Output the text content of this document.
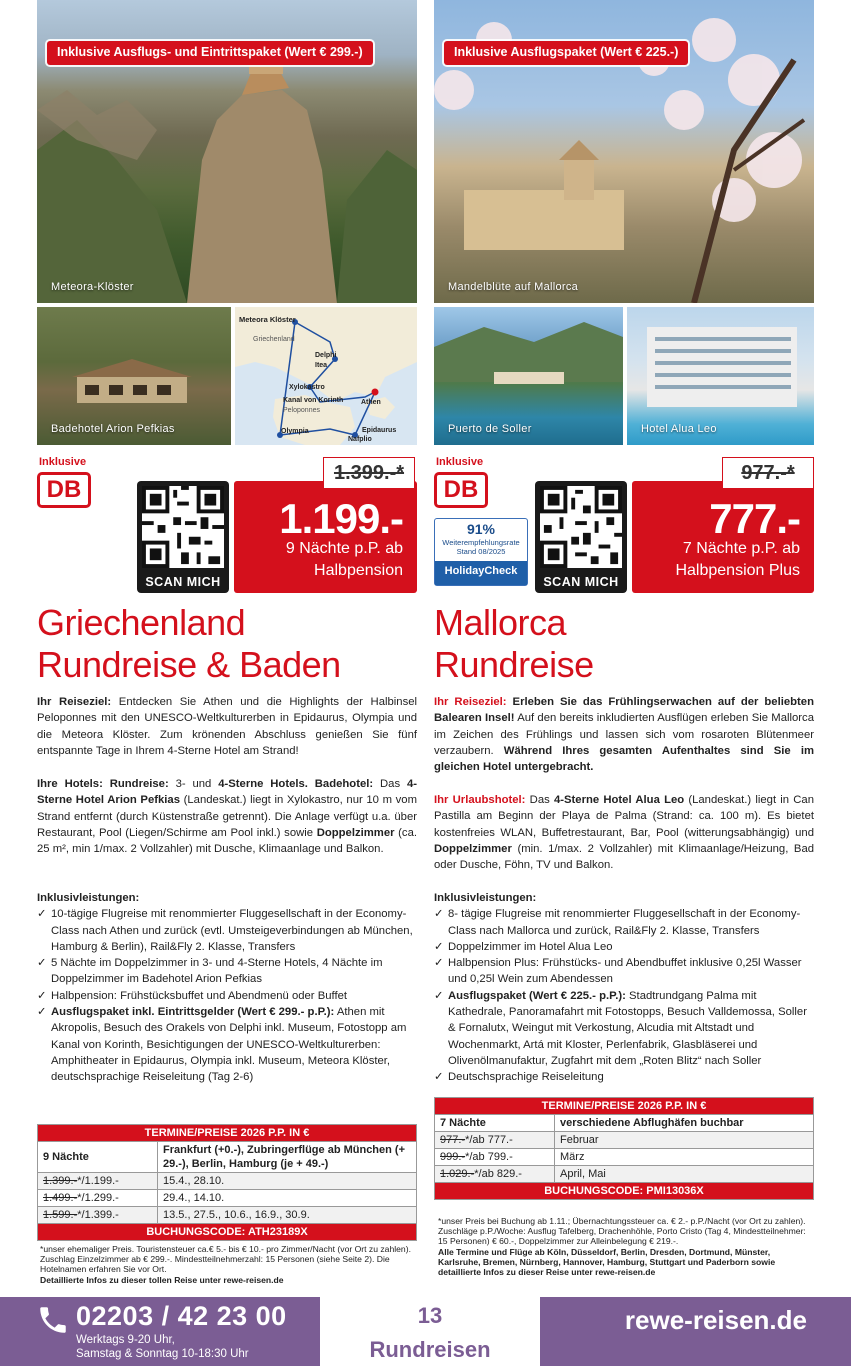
Meteora-Klöster
Inklusive Ausflugs- und Eintrittspaket (Wert € 299.-)
Badehotel Arion Pefkias
Meteora Klöster
Griechenland
Delphi
Itea
Xylokastro
Kanal von Korinth
Peloponnes
Athen
Olympia	Epidaurus
Nafplio
Inklusive
DB
SCAN MICH
1.199.-
9 Nächte p.P. ab
Halbpension
1.399.-*
Griechenland
Rundreise & Baden
Ihr Reiseziel: Entdecken Sie Athen und die Highlights der Halbinsel Peloponnes mit den UNESCO-Weltkulturerben in Epidaurus, Olympia und die Meteora Klöster. Zum krönenden Abschluss genießen Sie fünf entspannte Tage in Ihrem 4-Sterne Hotel am Strand!
Ihre Hotels: Rundreise: 3- und 4-Sterne Hotels. Badehotel: Das 4-Sterne Hotel Arion Pefkias (Landeskat.) liegt in Xylokastro, nur 10 m vom Strand entfernt (durch Küstenstraße getrennt). Die Anlage verfügt u.a. über Restaurant, Pool (Liegen/Schirme am Pool inkl.) sowie Doppelzimmer (ca. 25 m², min 1/max. 2 Vollzahler) mit Dusche, Klimaanlage und Balkon.
Inklusivleistungen:
✓ 10-tägige Flugreise mit renommierter Fluggesellschaft in der Economy-Class nach Athen und zurück (evtl. Umsteigeverbindungen ab München, Hamburg & Berlin), Rail&Fly 2. Klasse, Transfers
✓ 5 Nächte im Doppelzimmer in 3- und 4-Sterne Hotels, 4 Nächte im Doppelzimmer im Badehotel Arion Pefkias
✓ Halbpension: Frühstücksbuffet und Abendmenü oder Buffet
✓ Ausflugspaket inkl. Eintrittsgelder (Wert € 299.- p.P.): Athen mit Akropolis, Besuch des Orakels von Delphi inkl. Museum, Fotostopp am Kanal von Korinth, Besichtigungen der UNESCO-Weltkulturerben: Amphitheater in Epidaurus, Olympia inkl. Museum, Meteora Klöster, deutschsprachige Reiseleitung (Tag 2-6)
TERMINE/PREISE 2026 P.P. IN €	
9 Nächte	Frankfurt (+0.-), Zubringerflüge ab München (+ 29.-), Berlin, Hamburg (je + 49.-)
1.399.-*/1.199.-	15.4., 28.10.
1.499.-*/1.299.-	29.4., 14.10.
1.599.-*/1.399.-	13.5., 27.5., 10.6., 16.9., 30.9.
BUCHUNGSCODE: ATH23189X	
*unser ehemaliger Preis. Touristensteuer ca.€ 5.- bis € 10.- pro Zimmer/Nacht (vor Ort zu zahlen). Zuschlag Einzelzimmer ab € 299.-. Mindestteilnehmerzahl: 15 Personen (siehe Seite 2). Die Hotelnamen erfahren Sie vor Ort.
Detaillierte Infos zu dieser tollen Reise unter rewe-reisen.de
Mandelblüte auf Mallorca
Inklusive Ausflugspaket (Wert € 225.-)
Puerto de Soller	Hotel Alua Leo
Inklusive
DB
91%
Weiterempfehlungsrate
Stand 08/2025
HolidayCheck
SCAN MICH
777.-
7 Nächte p.P. ab
Halbpension Plus
977.-*
Mallorca
Rundreise
Ihr Reiseziel: Erleben Sie das Frühlingserwachen auf der beliebten Balearen Insel! Auf den bereits inkludierten Ausflügen erleben Sie Mallorca im Zeichen des Frühlings und lassen sich vom rosaroten Blütenmeer verzaubern. Während Ihres gesamten Aufenthaltes sind Sie im gleichen Hotel untergebracht.
Ihr Urlaubshotel: Das 4-Sterne Hotel Alua Leo (Landeskat.) liegt in Can Pastilla am Beginn der Playa de Palma (Strand: ca. 100 m). Es bietet kostenfreies WLAN, Buffetrestaurant, Bar, Pool (witterungsabhängig) und Doppelzimmer (min. 1/max. 2 Vollzahler) mit Klimaanlage/Heizung, Bad oder Dusche, Föhn, TV und Balkon.
Inklusivleistungen:
✓ 8- tägige Flugreise mit renommierter Fluggesellschaft in der Economy-Class nach Mallorca und zurück, Rail&Fly 2. Klasse, Transfers
✓ Doppelzimmer im Hotel Alua Leo
✓ Halbpension Plus: Frühstücks- und Abendbuffet inklusive 0,25l Wasser und 0,25l Wein zum Abendessen
✓ Ausflugspaket (Wert € 225.- p.P.): Stadtrundgang Palma mit Kathedrale, Panoramafahrt mit Fotostopps, Besuch Valldemossa, Soller & Fornalutx, Weingut mit Verkostung, Alcudia mit Altstadt und Wochenmarkt, Artá mit Kloster, Perlenfabrik, Glasbläserei und Olivenölmanufaktur, Zugfahrt mit dem „Roten Blitz“ nach Soller
✓ Deutschsprachige Reiseleitung
TERMINE/PREISE 2026 P.P. IN €	
7 Nächte	verschiedene Abflughäfen buchbar
977.-*/ab 777.-	Februar
999.-*/ab 799.-	März
1.029.-*/ab 829.-	April, Mai
BUCHUNGSCODE: PMI13036X	
*unser Preis bei Buchung ab 1.11.; Übernachtungssteuer ca. € 2.- p.P./Nacht (vor Ort zu zahlen). Zuschläge p.P./Woche: Ausflug Tafelberg, Drachenhöhle, Porto Cristo (Tag 4, Mindestteilnehmer: 15 Personen) € 60.-, Doppelzimmer zur Alleinbelegung € 219.-.
Alle Termine und Flüge ab Köln, Düsseldorf, Berlin, Dresden, Dortmund, Münster, Karlsruhe, Bremen, Nürnberg, Hannover, Hamburg, Stuttgart und Paderborn sowie detaillierte Infos zu dieser Reise unter rewe-reisen.de
02203 / 42 23 00
Werktags 9-20 Uhr,
Samstag & Sonntag 10-18:30 Uhr
13
Rundreisen
rewe-reisen.de
